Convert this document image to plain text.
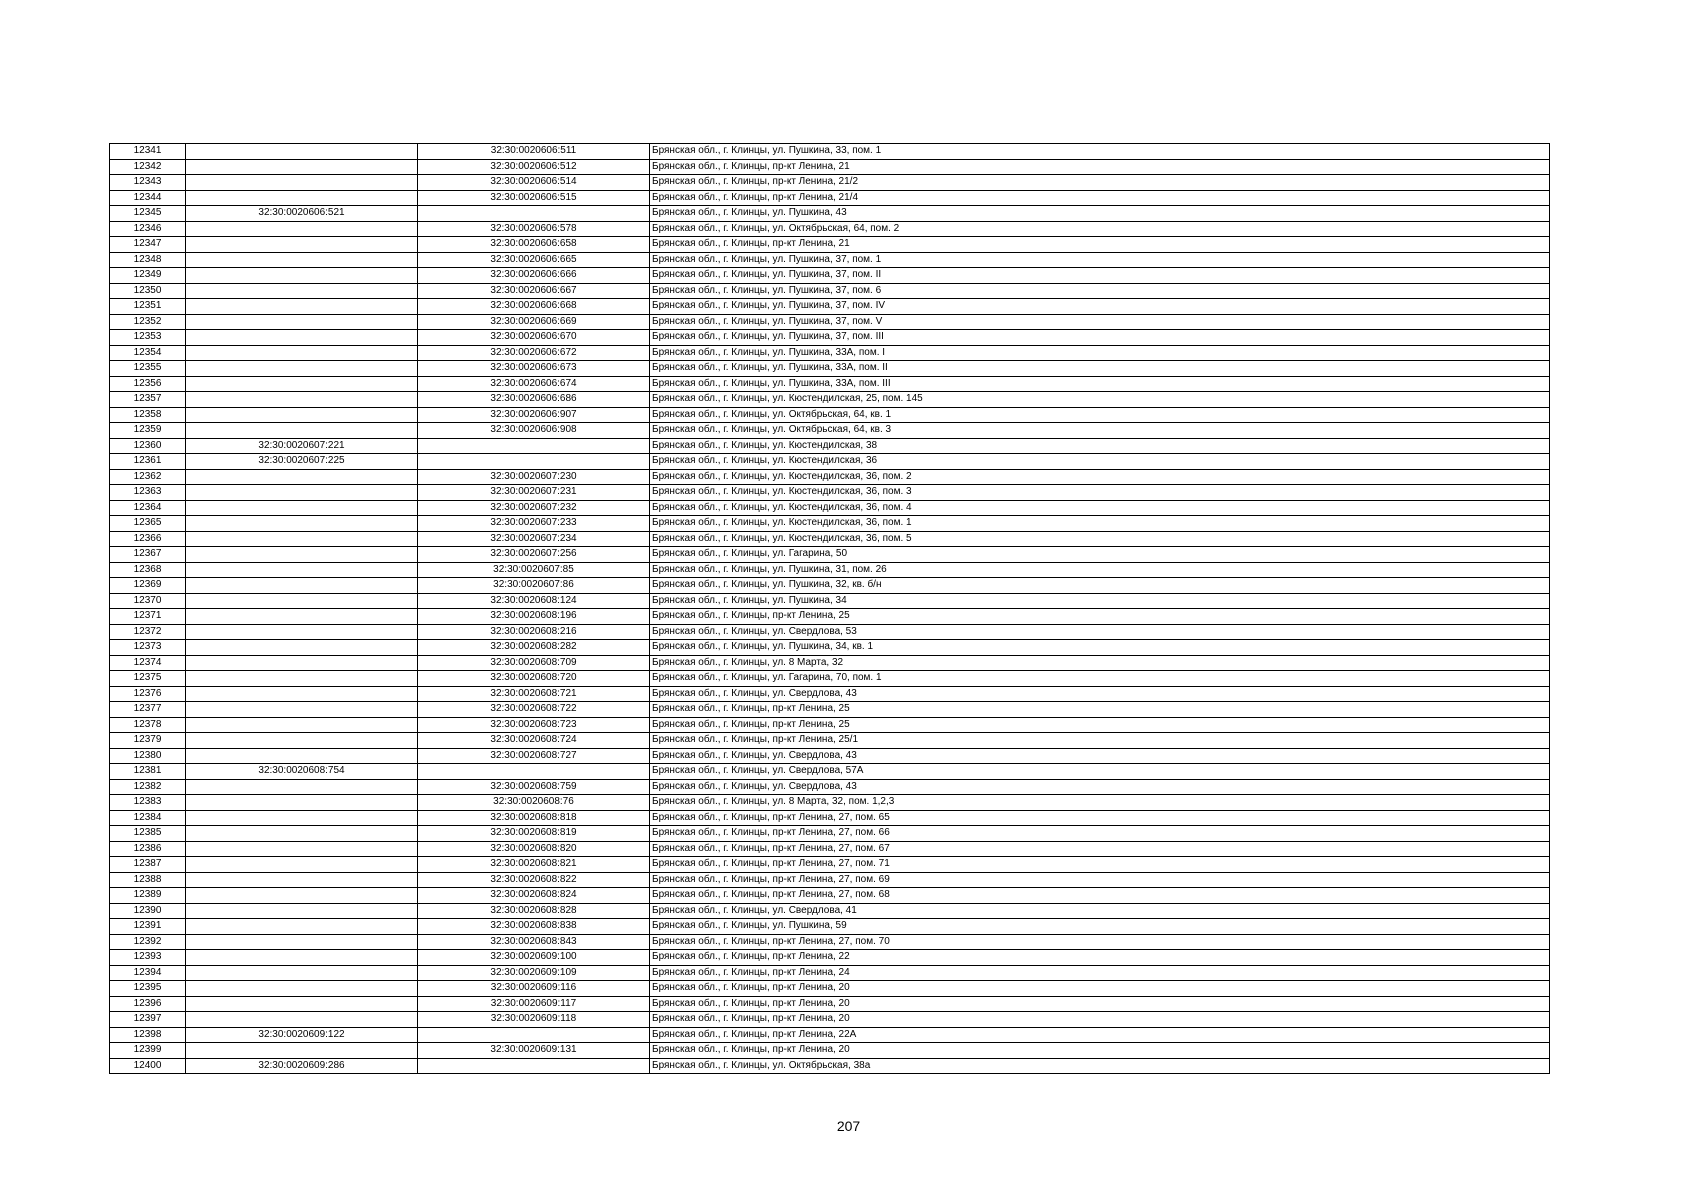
12341		32:30:0020606:511	Брянская обл., г. Клинцы, ул. Пушкина, 33, пом. 1
12342		32:30:0020606:512	Брянская обл., г. Клинцы, пр-кт Ленина, 21
12343		32:30:0020606:514	Брянская обл., г. Клинцы, пр-кт Ленина, 21/2
12344		32:30:0020606:515	Брянская обл., г. Клинцы, пр-кт Ленина, 21/4
12345	32:30:0020606:521		Брянская обл., г. Клинцы, ул. Пушкина, 43
12346		32:30:0020606:578	Брянская обл., г. Клинцы, ул. Октябрьская, 64, пом. 2
12347		32:30:0020606:658	Брянская обл., г. Клинцы, пр-кт Ленина, 21
12348		32:30:0020606:665	Брянская обл., г. Клинцы, ул. Пушкина, 37, пом. 1
12349		32:30:0020606:666	Брянская обл., г. Клинцы, ул. Пушкина, 37, пом. II
12350		32:30:0020606:667	Брянская обл., г. Клинцы, ул. Пушкина, 37, пом. 6
12351		32:30:0020606:668	Брянская обл., г. Клинцы, ул. Пушкина, 37, пом. IV
12352		32:30:0020606:669	Брянская обл., г. Клинцы, ул. Пушкина, 37, пом. V
12353		32:30:0020606:670	Брянская обл., г. Клинцы, ул. Пушкина, 37, пом. III
12354		32:30:0020606:672	Брянская обл., г. Клинцы, ул. Пушкина, 33А, пом. I
12355		32:30:0020606:673	Брянская обл., г. Клинцы, ул. Пушкина, 33А, пом. II
12356		32:30:0020606:674	Брянская обл., г. Клинцы, ул. Пушкина, 33А, пом. III
12357		32:30:0020606:686	Брянская обл., г. Клинцы, ул. Кюстендилская, 25, пом. 145
12358		32:30:0020606:907	Брянская обл., г. Клинцы, ул. Октябрьская, 64, кв. 1
12359		32:30:0020606:908	Брянская обл., г. Клинцы, ул. Октябрьская, 64, кв. 3
12360	32:30:0020607:221		Брянская обл., г. Клинцы, ул. Кюстендилская, 38
12361	32:30:0020607:225		Брянская обл., г. Клинцы, ул. Кюстендилская, 36
12362		32:30:0020607:230	Брянская обл., г. Клинцы, ул. Кюстендилская, 36, пом. 2
12363		32:30:0020607:231	Брянская обл., г. Клинцы, ул. Кюстендилская, 36, пом. 3
12364		32:30:0020607:232	Брянская обл., г. Клинцы, ул. Кюстендилская, 36, пом. 4
12365		32:30:0020607:233	Брянская обл., г. Клинцы, ул. Кюстендилская, 36, пом. 1
12366		32:30:0020607:234	Брянская обл., г. Клинцы, ул. Кюстендилская, 36, пом. 5
12367		32:30:0020607:256	Брянская обл., г. Клинцы, ул. Гагарина, 50
12368		32:30:0020607:85	Брянская обл., г. Клинцы, ул. Пушкина, 31, пом. 26
12369		32:30:0020607:86	Брянская обл., г. Клинцы, ул. Пушкина, 32, кв. б/н
12370		32:30:0020608:124	Брянская обл., г. Клинцы, ул. Пушкина, 34
12371		32:30:0020608:196	Брянская обл., г. Клинцы, пр-кт Ленина, 25
12372		32:30:0020608:216	Брянская обл., г. Клинцы, ул. Свердлова, 53
12373		32:30:0020608:282	Брянская обл., г. Клинцы, ул. Пушкина, 34, кв. 1
12374		32:30:0020608:709	Брянская обл., г. Клинцы, ул. 8 Марта, 32
12375		32:30:0020608:720	Брянская обл., г. Клинцы, ул. Гагарина, 70, пом. 1
12376		32:30:0020608:721	Брянская обл., г. Клинцы, ул. Свердлова, 43
12377		32:30:0020608:722	Брянская обл., г. Клинцы, пр-кт Ленина, 25
12378		32:30:0020608:723	Брянская обл., г. Клинцы, пр-кт Ленина, 25
12379		32:30:0020608:724	Брянская обл., г. Клинцы, пр-кт Ленина, 25/1
12380		32:30:0020608:727	Брянская обл., г. Клинцы, ул. Свердлова, 43
12381	32:30:0020608:754		Брянская обл., г. Клинцы, ул. Свердлова, 57А
12382		32:30:0020608:759	Брянская обл., г. Клинцы, ул. Свердлова, 43
12383		32:30:0020608:76	Брянская обл., г. Клинцы, ул. 8 Марта, 32, пом. 1,2,3
12384		32:30:0020608:818	Брянская обл., г. Клинцы, пр-кт Ленина, 27, пом. 65
12385		32:30:0020608:819	Брянская обл., г. Клинцы, пр-кт Ленина, 27, пом. 66
12386		32:30:0020608:820	Брянская обл., г. Клинцы, пр-кт Ленина, 27, пом. 67
12387		32:30:0020608:821	Брянская обл., г. Клинцы, пр-кт Ленина, 27, пом. 71
12388		32:30:0020608:822	Брянская обл., г. Клинцы, пр-кт Ленина, 27, пом. 69
12389		32:30:0020608:824	Брянская обл., г. Клинцы, пр-кт Ленина, 27, пом. 68
12390		32:30:0020608:828	Брянская обл., г. Клинцы, ул. Свердлова, 41
12391		32:30:0020608:838	Брянская обл., г. Клинцы, ул. Пушкина, 59
12392		32:30:0020608:843	Брянская обл., г. Клинцы, пр-кт Ленина, 27, пом. 70
12393		32:30:0020609:100	Брянская обл., г. Клинцы, пр-кт Ленина, 22
12394		32:30:0020609:109	Брянская обл., г. Клинцы, пр-кт Ленина, 24
12395		32:30:0020609:116	Брянская обл., г. Клинцы, пр-кт Ленина, 20
12396		32:30:0020609:117	Брянская обл., г. Клинцы, пр-кт Ленина, 20
12397		32:30:0020609:118	Брянская обл., г. Клинцы, пр-кт Ленина, 20
12398	32:30:0020609:122		Брянская обл., г. Клинцы, пр-кт Ленина, 22А
12399		32:30:0020609:131	Брянская обл., г. Клинцы, пр-кт Ленина, 20
12400	32:30:0020609:286		Брянская обл., г. Клинцы, ул. Октябрьская, 38а
207
